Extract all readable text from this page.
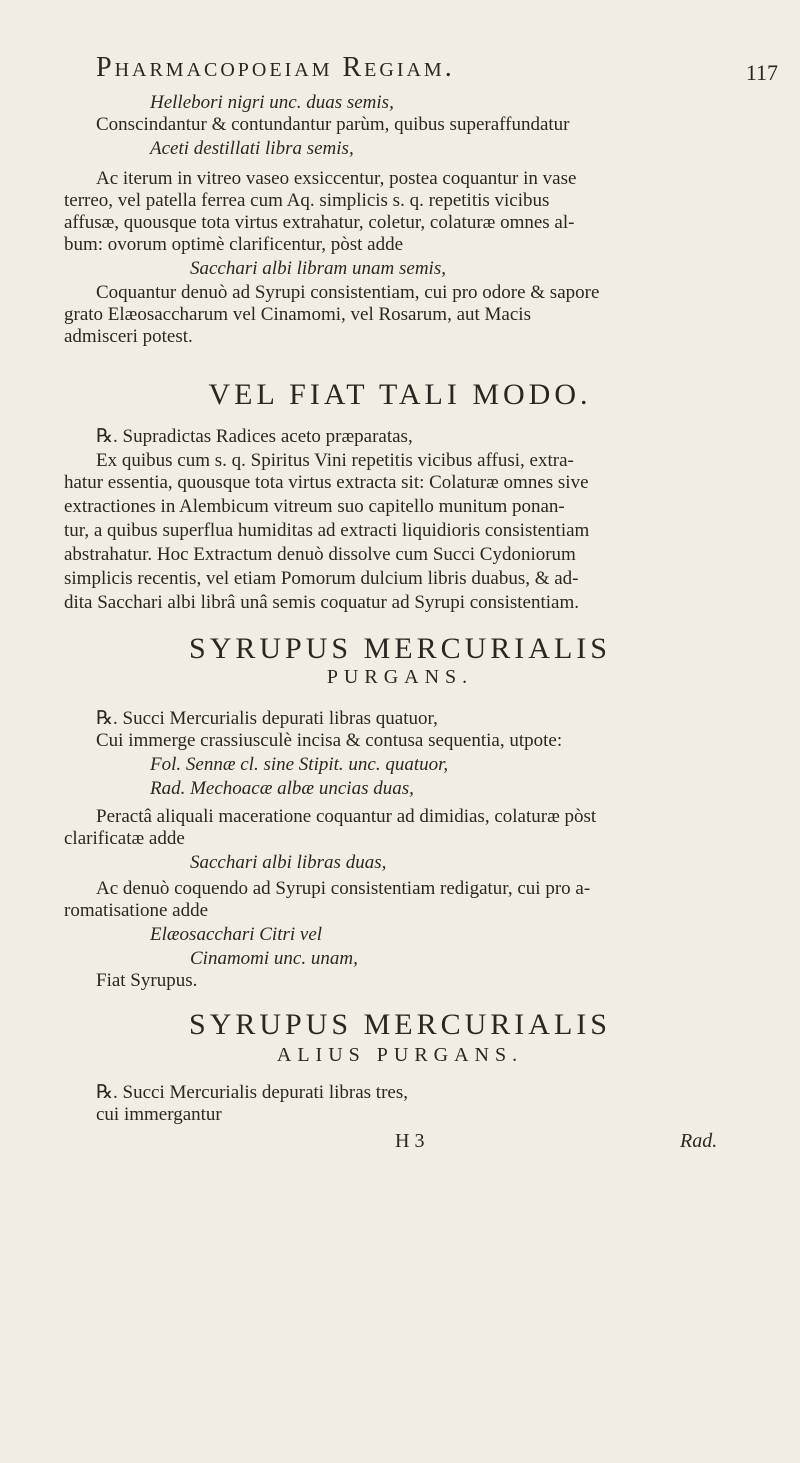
Pharmacopoeiam Regiam.	117
Hellebori nigri unc. duas semis,
Conscindantur & contundantur parùm, quibus superaffundatur
Aceti destillati libra semis,
Ac iterum in vitreo vaseo exsiccentur, postea coquantur in vase
terreo, vel patella ferrea cum Aq. simplicis s. q. repetitis vicibus
affusæ, quousque tota virtus extrahatur, coletur, colaturæ omnes al-
bum: ovorum optimè clarificentur, pòst adde
Sacchari albi libram unam semis,
Coquantur denuò ad Syrupi consistentiam, cui pro odore & sapore
grato Elæosaccharum vel Cinamomi, vel Rosarum, aut Macis
admisceri potest.
VEL FIAT TALI MODO.
℞. Supradictas Radices aceto præparatas,
Ex quibus cum s. q. Spiritus Vini repetitis vicibus affusi, extra-
hatur essentia, quousque tota virtus extracta sit: Colaturæ omnes sive
extractiones in Alembicum vitreum suo capitello munitum ponan-
tur, a quibus superflua humiditas ad extracti liquidioris consistentiam
abstrahatur. Hoc Extractum denuò dissolve cum Succi Cydoniorum
simplicis recentis, vel etiam Pomorum dulcium libris duabus, & ad-
dita Sacchari albi librâ unâ semis coquatur ad Syrupi consistentiam.
SYRUPUS MERCURIALIS
PURGANS.
℞. Succi Mercurialis depurati libras quatuor,
Cui immerge crassiusculè incisa & contusa sequentia, utpote:
Fol. Sennæ cl. sine Stipit. unc. quatuor,
Rad. Mechoacæ albæ uncias duas,
Peractâ aliquali maceratione coquantur ad dimidias, colaturæ pòst
clarificatæ adde
Sacchari albi libras duas,
Ac denuò coquendo ad Syrupi consistentiam redigatur, cui pro a-
romatisatione adde
Elæosacchari Citri vel
Cinamomi unc. unam,
Fiat Syrupus.
SYRUPUS MERCURIALIS
ALIUS PURGANS.
℞. Succi Mercurialis depurati libras tres,
cui immergantur
H 3	Rad.
